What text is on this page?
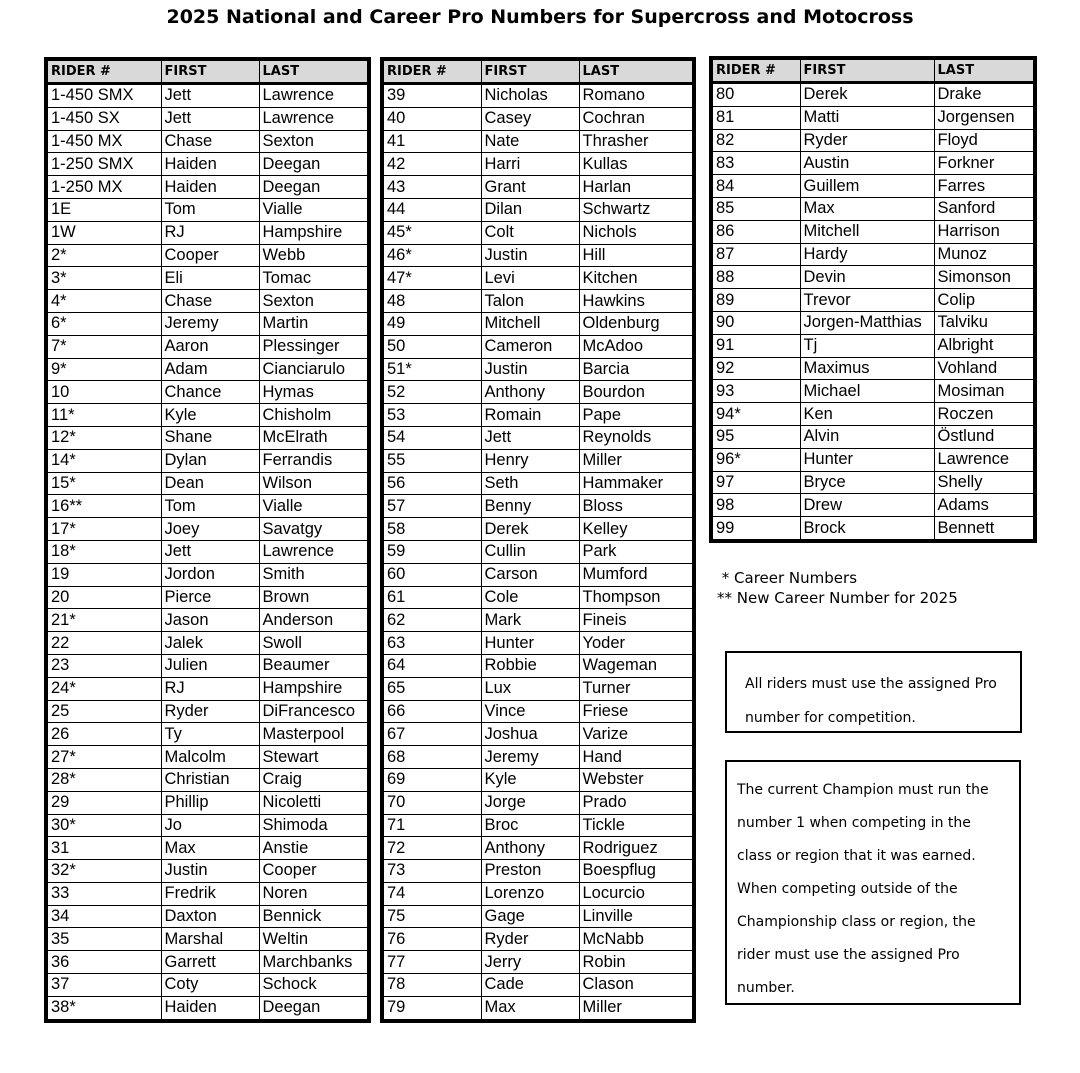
2025 National and Career Pro Numbers for Supercross and Motocross
RIDER #	FIRST	LAST
1-450 SMX	Jett	Lawrence
1-450 SX	Jett	Lawrence
1-450 MX	Chase	Sexton
1-250 SMX	Haiden	Deegan
1-250 MX	Haiden	Deegan
1E	Tom	Vialle
1W	RJ	Hampshire
2*	Cooper	Webb
3*	Eli	Tomac
4*	Chase	Sexton
6*	Jeremy	Martin
7*	Aaron	Plessinger
9*	Adam	Cianciarulo
10	Chance	Hymas
11*	Kyle	Chisholm
12*	Shane	McElrath
14*	Dylan	Ferrandis
15*	Dean	Wilson
16**	Tom	Vialle
17*	Joey	Savatgy
18*	Jett	Lawrence
19	Jordon	Smith
20	Pierce	Brown
21*	Jason	Anderson
22	Jalek	Swoll
23	Julien	Beaumer
24*	RJ	Hampshire
25	Ryder	DiFrancesco
26	Ty	Masterpool
27*	Malcolm	Stewart
28*	Christian	Craig
29	Phillip	Nicoletti
30*	Jo	Shimoda
31	Max	Anstie
32*	Justin	Cooper
33	Fredrik	Noren
34	Daxton	Bennick
35	Marshal	Weltin
36	Garrett	Marchbanks
37	Coty	Schock
38*	Haiden	Deegan
RIDER #	FIRST	LAST
39	Nicholas	Romano
40	Casey	Cochran
41	Nate	Thrasher
42	Harri	Kullas
43	Grant	Harlan
44	Dilan	Schwartz
45*	Colt	Nichols
46*	Justin	Hill
47*	Levi	Kitchen
48	Talon	Hawkins
49	Mitchell	Oldenburg
50	Cameron	McAdoo
51*	Justin	Barcia
52	Anthony	Bourdon
53	Romain	Pape
54	Jett	Reynolds
55	Henry	Miller
56	Seth	Hammaker
57	Benny	Bloss
58	Derek	Kelley
59	Cullin	Park
60	Carson	Mumford
61	Cole	Thompson
62	Mark	Fineis
63	Hunter	Yoder
64	Robbie	Wageman
65	Lux	Turner
66	Vince	Friese
67	Joshua	Varize
68	Jeremy	Hand
69	Kyle	Webster
70	Jorge	Prado
71	Broc	Tickle
72	Anthony	Rodriguez
73	Preston	Boespflug
74	Lorenzo	Locurcio
75	Gage	Linville
76	Ryder	McNabb
77	Jerry	Robin
78	Cade	Clason
79	Max	Miller
RIDER #	FIRST	LAST
80	Derek	Drake
81	Matti	Jorgensen
82	Ryder	Floyd
83	Austin	Forkner
84	Guillem	Farres
85	Max	Sanford
86	Mitchell	Harrison
87	Hardy	Munoz
88	Devin	Simonson
89	Trevor	Colip
90	Jorgen-Matthias	Talviku
91	Tj	Albright
92	Maximus	Vohland
93	Michael	Mosiman
94*	Ken	Roczen
95	Alvin	Östlund
96*	Hunter	Lawrence
97	Bryce	Shelly
98	Drew	Adams
99	Brock	Bennett
* Career Numbers
** New Career Number for 2025
All riders must use the assigned Pro number for competition.
The current Champion must run the number 1 when competing in the class or region that it was earned. When competing outside of the Championship class or region, the rider must use the assigned Pro number.
